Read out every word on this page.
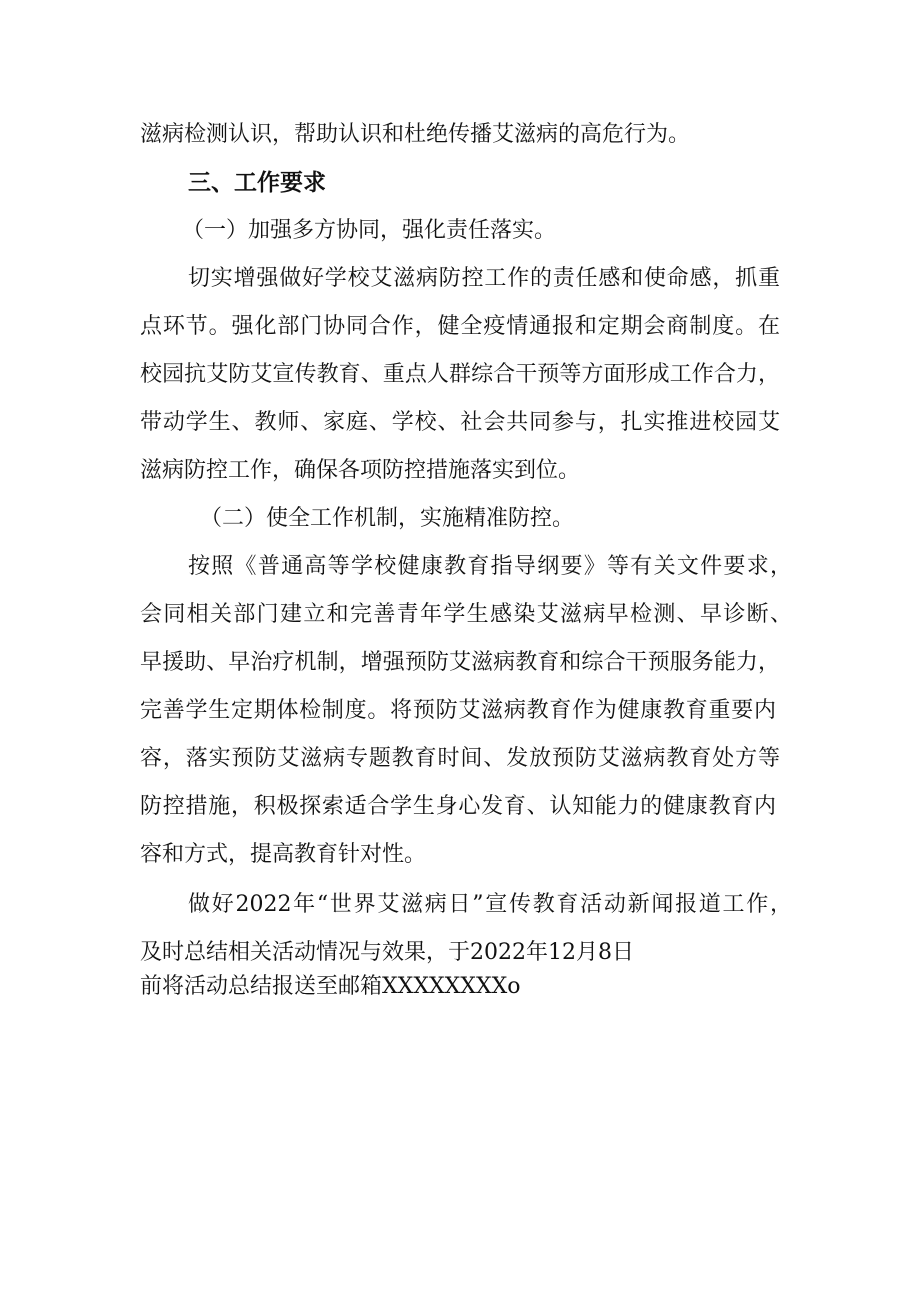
滋病检测认识，帮助认识和杜绝传播艾滋病的高危行为。
三、工作要求
（一）加强多方协同，强化责任落实。
切实增强做好学校艾滋病防控工作的责任感和使命感，抓重
点环节。强化部门协同合作，健全疫情通报和定期会商制度。在
校园抗艾防艾宣传教育、重点人群综合干预等方面形成工作合力，
带动学生、教师、家庭、学校、社会共同参与，扎实推进校园艾
滋病防控工作，确保各项防控措施落实到位。
（二）使全工作机制，实施精准防控。
按照《普通高等学校健康教育指导纲要》等有关文件要求，
会同相关部门建立和完善青年学生感染艾滋病早检测、早诊断、
早援助、早治疗机制，增强预防艾滋病教育和综合干预服务能力，
完善学生定期体检制度。将预防艾滋病教育作为健康教育重要内
容，落实预防艾滋病专题教育时间、发放预防艾滋病教育处方等
防控措施，积极探索适合学生身心发育、认知能力的健康教育内
容和方式，提高教育针对性。
做好2022年“世界艾滋病日”宣传教育活动新闻报道工作，
及时总结相关活动情况与效果，于2022年12月8日
前将活动总结报送至邮箱XXXXXXXXo
